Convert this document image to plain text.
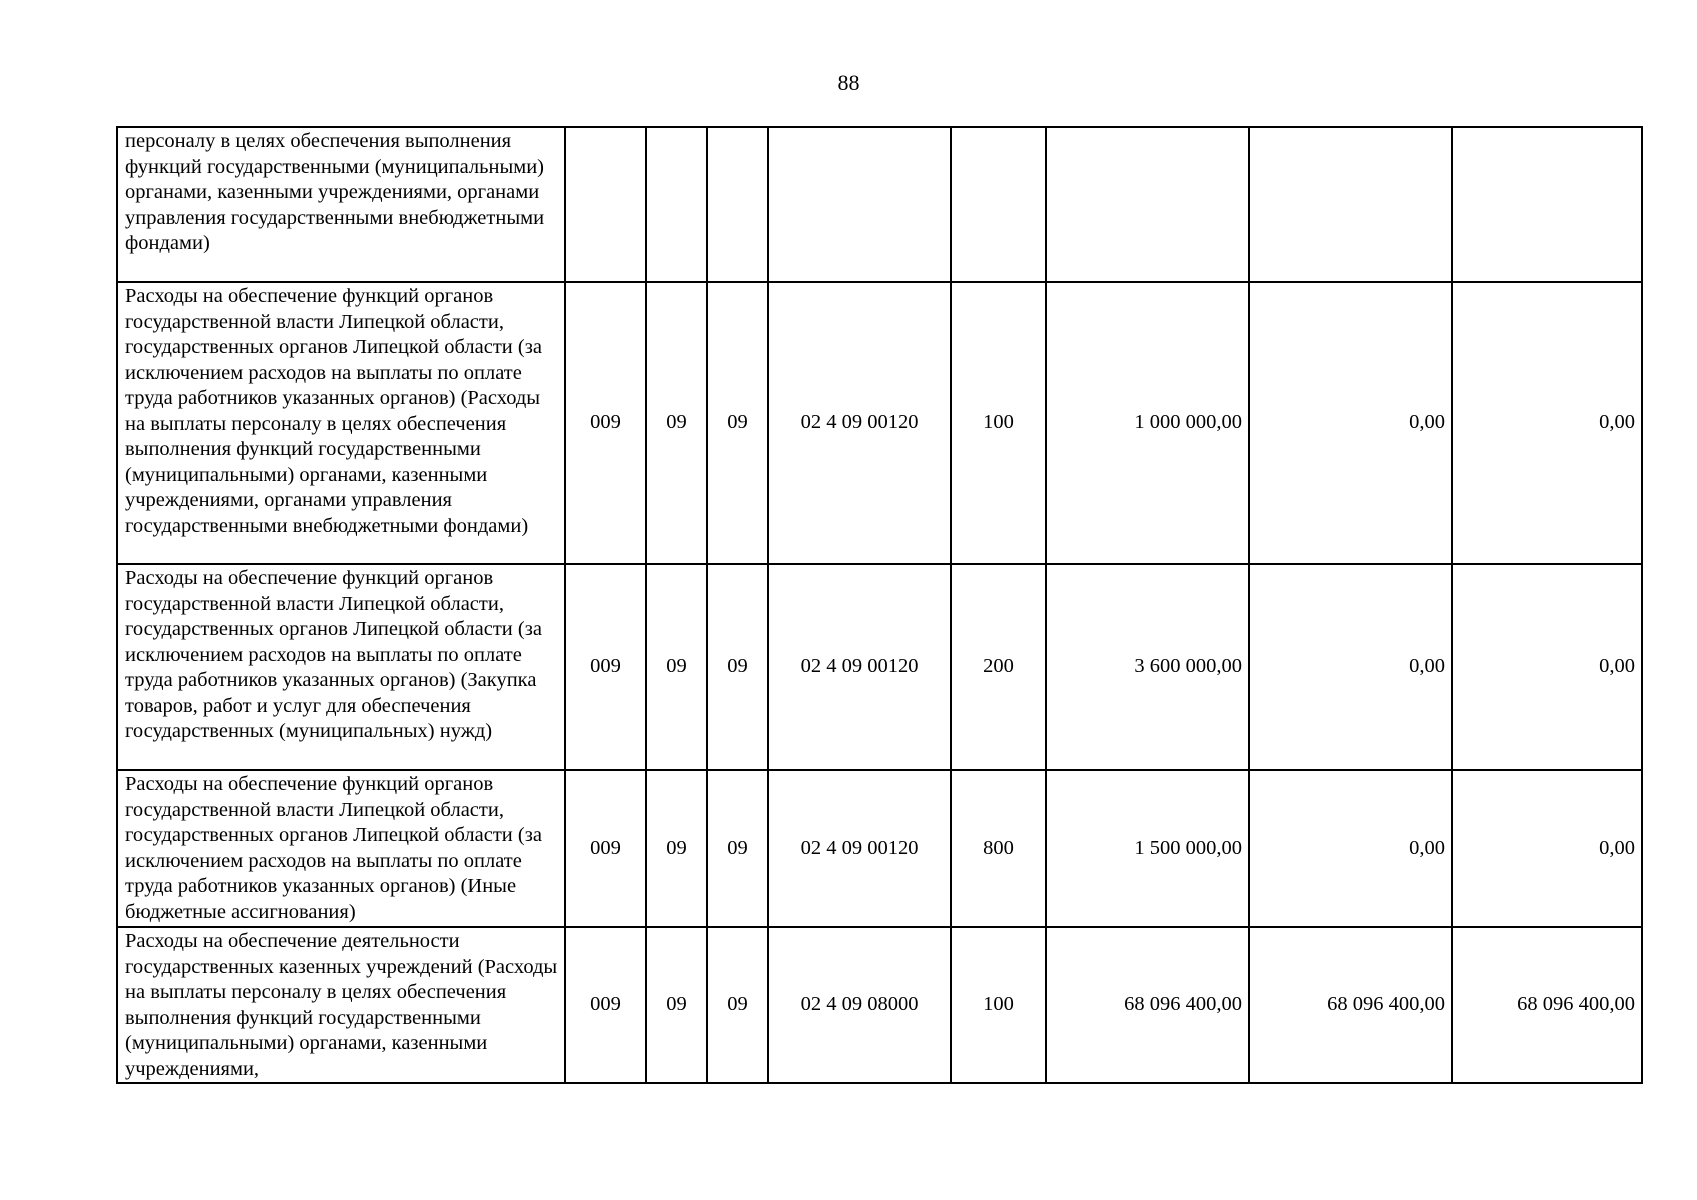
88
персоналу в целях обеспечения выполнения функций государственными (муниципальными) органами, казенными учреждениями, органами управления государственными внебюджетными фондами)								
Расходы на обеспечение функций органов государственной власти Липецкой области, государственных органов Липецкой области (за исключением расходов на выплаты по оплате труда работников указанных органов) (Расходы на выплаты персоналу в целях обеспечения выполнения функций государственными (муниципальными) органами, казенными учреждениями, органами управления государственными внебюджетными фондами)	009	09	09	02 4 09 00120	100	1 000 000,00	0,00	0,00
Расходы на обеспечение функций органов государственной власти Липецкой области, государственных органов Липецкой области (за исключением расходов на выплаты по оплате труда работников указанных органов) (Закупка товаров, работ и услуг для обеспечения государственных (муниципальных) нужд)	009	09	09	02 4 09 00120	200	3 600 000,00	0,00	0,00
Расходы на обеспечение функций органов государственной власти Липецкой области, государственных органов Липецкой области (за исключением расходов на выплаты по оплате труда работников указанных органов) (Иные бюджетные ассигнования)	009	09	09	02 4 09 00120	800	1 500 000,00	0,00	0,00
Расходы на обеспечение деятельности государственных казенных учреждений (Расходы на выплаты персоналу в целях обеспечения выполнения функций государственными (муниципальными) органами, казенными учреждениями,	009	09	09	02 4 09 08000	100	68 096 400,00	68 096 400,00	68 096 400,00
